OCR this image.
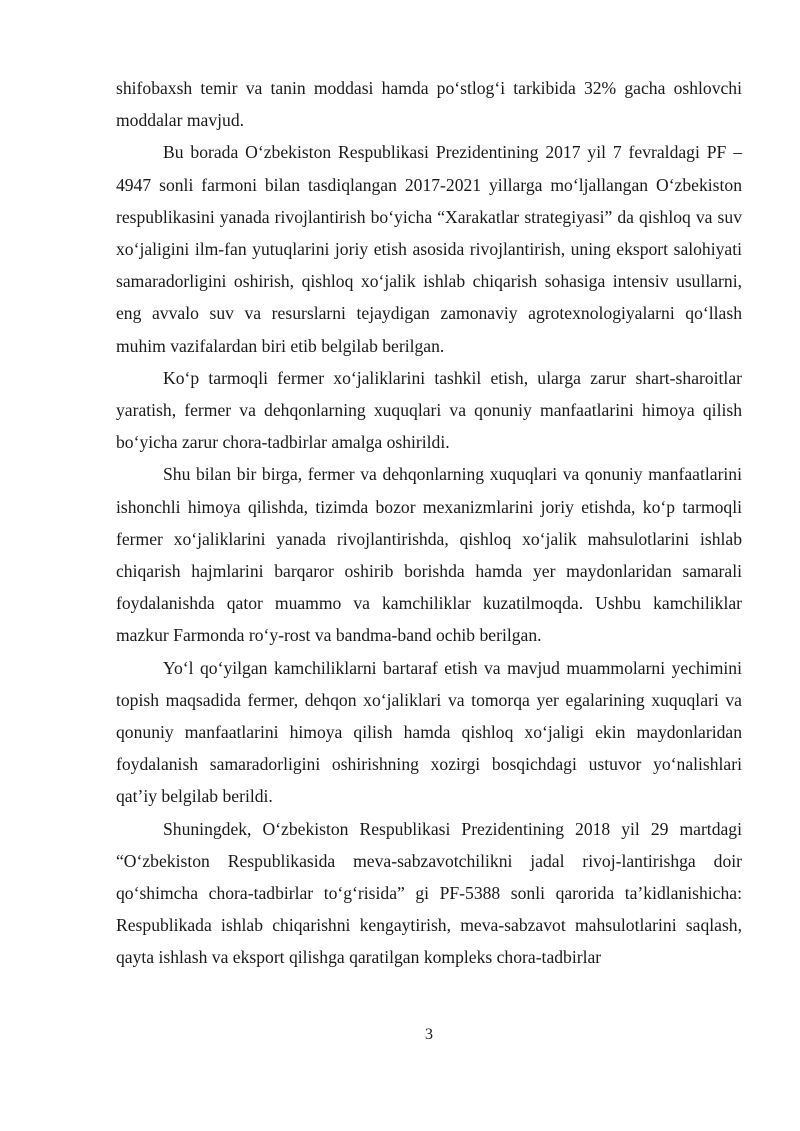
shifobaxsh temir va tanin moddasi hamda po‘stlog‘i tarkibida 32% gacha oshlovchi moddalar mavjud.

Bu borada O‘zbekiston Respublikasi Prezidentining 2017 yil 7 fevraldagi PF – 4947 sonli farmoni bilan tasdiqlangan 2017-2021 yillarga mo‘ljallangan O‘zbekiston respublikasini yanada rivojlantirish bo‘yicha “Xarakatlar strategiyasi” da qishloq va suv xo‘jaligini ilm-fan yutuqlarini joriy etish asosida rivojlantirish, uning eksport salohiyati samaradorligini oshirish, qishloq xo‘jalik ishlab chiqarish sohasiga intensiv usullarni, eng avvalo suv va resurslarni tejaydigan zamonaviy agrotexnologiyalarni qo‘llash muhim vazifalardan biri etib belgilab berilgan.

Ko‘p tarmoqli fermer xo‘jaliklarini tashkil etish, ularga zarur shart-sharoitlar yaratish, fermer va dehqonlarning xuquqlari va qonuniy manfaatlarini himoya qilish bo‘yicha zarur chora-tadbirlar amalga oshirildi.

Shu bilan bir birga, fermer va dehqonlarning xuquqlari va qonuniy manfaatlarini ishonchli himoya qilishda, tizimda bozor mexanizmlarini joriy etishda, ko‘p tarmoqli fermer xo‘jaliklarini yanada rivojlantirishda, qishloq xo‘jalik mahsulotlarini ishlab chiqarish hajmlarini barqaror oshirib borishda hamda yer maydonlaridan samarali foydalanishda qator muammo va kamchiliklar kuzatilmoqda. Ushbu kamchiliklar mazkur Farmonda ro‘y-rost va bandma-band ochib berilgan.

Yo‘l qo‘yilgan kamchiliklarni bartaraf etish va mavjud muammolarni yechimini topish maqsadida fermer, dehqon xo‘jaliklari va tomorqa yer egalarining xuquqlari va qonuniy manfaatlarini himoya qilish hamda qishloq xo‘jaligi ekin maydonlaridan foydalanish samaradorligini oshirishning xozirgi bosqichdagi ustuvor yo‘nalishlari qat’iy belgilab berildi.

Shuningdek, O‘zbekiston Respublikasi Prezidentining 2018 yil 29 martdagi “O‘zbekiston Respublikasida meva-sabzavotchilikni jadal rivoj-lantirishga doir qo‘shimcha chora-tadbirlar to‘g‘risida” gi PF-5388 sonli qarorida ta’kidlanishicha: Respublikada ishlab chiqarishni kengaytirish, meva-sabzavot mahsulotlarini saqlash, qayta ishlash va eksport qilishga qaratilgan kompleks chora-tadbirlar

3
